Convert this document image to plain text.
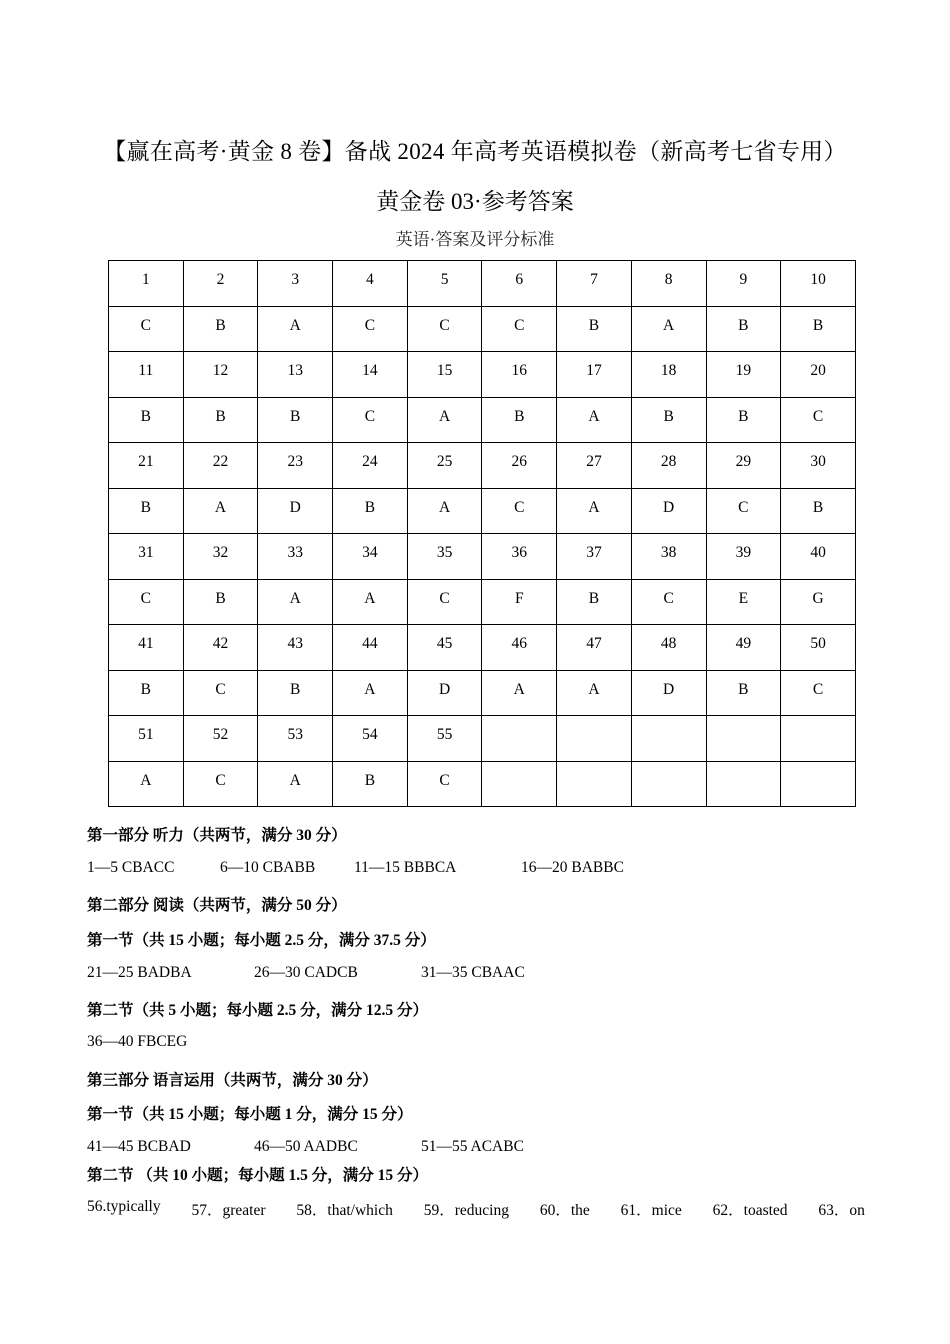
【赢在高考·黄金 8 卷】备战 2024 年高考英语模拟卷（新高考七省专用）
黄金卷 03·参考答案
英语·答案及评分标准
1	2	3	4	5	6	7	8	9	10
C	B	A	C	C	C	B	A	B	B
11	12	13	14	15	16	17	18	19	20
B	B	B	C	A	B	A	B	B	C
21	22	23	24	25	26	27	28	29	30
B	A	D	B	A	C	A	D	C	B
31	32	33	34	35	36	37	38	39	40
C	B	A	A	C	F	B	C	E	G
41	42	43	44	45	46	47	48	49	50
B	C	B	A	D	A	A	D	B	C
51	52	53	54	55					
A	C	A	B	C					
第一部分 听力（共两节，满分 30 分）
1—5 CBACC	6—10 CBABB	11—15 BBBCA	16—20 BABBC
第二部分 阅读（共两节，满分 50 分）
第一节（共 15 小题；每小题 2.5 分，满分 37.5 分）
21—25 BADBA	26—30 CADCB	31—35 CBAAC
第二节（共 5 小题；每小题 2.5 分，满分 12.5 分）
36—40 FBCEG
第三部分 语言运用（共两节，满分 30 分）
第一节（共 15 小题；每小题 1 分，满分 15 分）
41—45 BCBAD	46—50 AADBC	51—55 ACABC
第二节 （共 10 小题；每小题 1.5 分，满分 15 分）
56.typically 57．greater 58．that/which 59．reducing 60．the 61．mice 62．toasted 63．on
